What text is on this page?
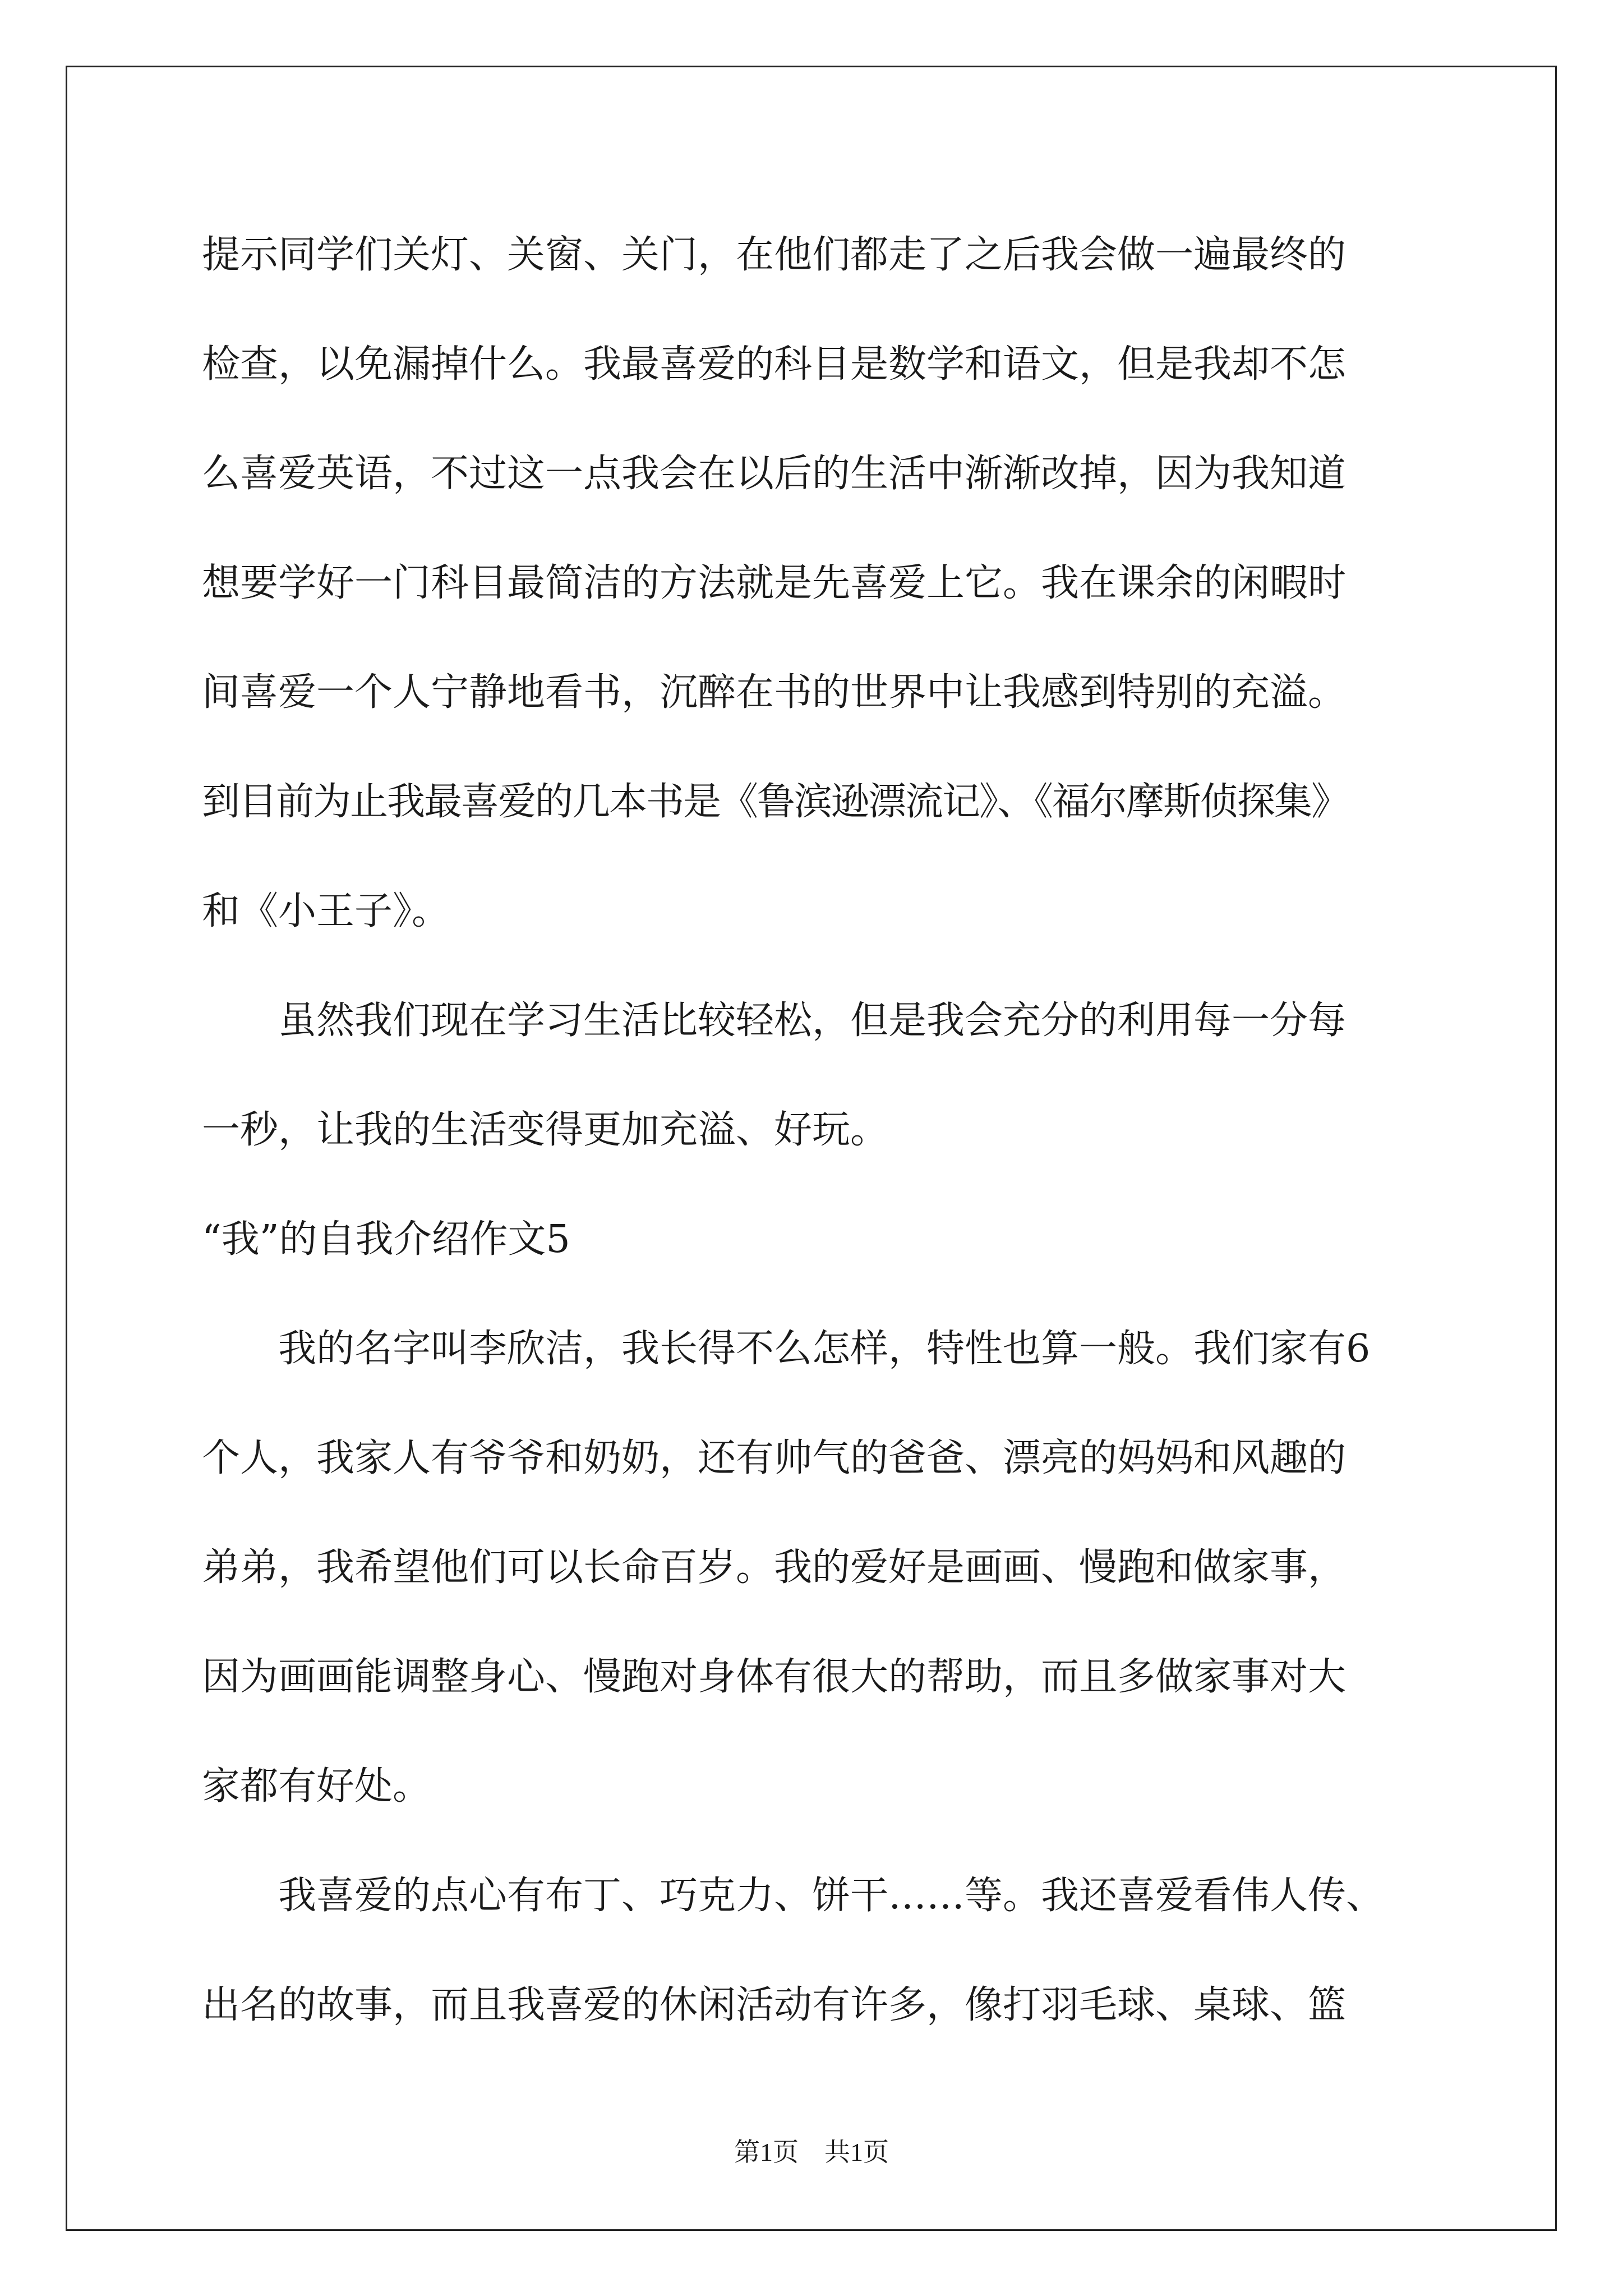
提示同学们关灯、关窗、关门，在他们都走了之后我会做一遍最终的
检查，以免漏掉什么。我最喜爱的科目是数学和语文，但是我却不怎
么喜爱英语，不过这一点我会在以后的生活中渐渐改掉，因为我知道
想要学好一门科目最简洁的方法就是先喜爱上它。我在课余的闲暇时
间喜爱一个人宁静地看书，沉醉在书的世界中让我感到特别的充溢。
到目前为止我最喜爱的几本书是《鲁滨逊漂流记》、《福尔摩斯侦探集》
和《小王子》。
　　虽然我们现在学习生活比较轻松，但是我会充分的利用每一分每
一秒，让我的生活变得更加充溢、好玩。
“我”的自我介绍作文5
　　我的名字叫李欣洁，我长得不么怎样，特性也算一般。我们家有6
个人，我家人有爷爷和奶奶，还有帅气的爸爸、漂亮的妈妈和风趣的
弟弟，我希望他们可以长命百岁。我的爱好是画画、慢跑和做家事，
因为画画能调整身心、慢跑对身体有很大的帮助，而且多做家事对大
家都有好处。
　　我喜爱的点心有布丁、巧克力、饼干……等。我还喜爱看伟人传、
出名的故事，而且我喜爱的休闲活动有许多，像打羽毛球、桌球、篮
第1页　共1页
